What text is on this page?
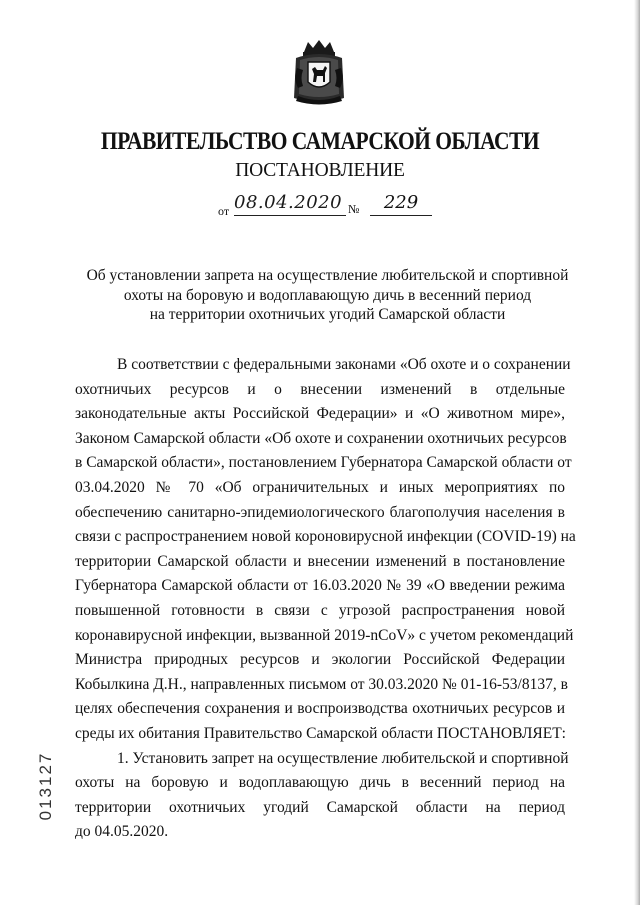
ПРАВИТЕЛЬСТВО САМАРСКОЙ ОБЛАСТИ
ПОСТАНОВЛЕНИЕ
от 08.04.2020 №	229
Об установлении запрета на осуществление любительской и спортивной
охоты на боровую и водоплавающую дичь в весенний период
на территории охотничьих угодий Самарской области
В соответствии с федеральными законами «Об охоте и о сохранении
охотничьих ресурсов и о внесении изменений в отдельные
законодательные акты Российской Федерации» и «О животном мире»,
Законом Самарской области «Об охоте и сохранении охотничьих ресурсов
в Самарской области», постановлением Губернатора Самарской области от
03.04.2020 № 70 «Об ограничительных и иных мероприятиях по
обеспечению санитарно-эпидемиологического благополучия населения в
связи с распространением новой короновирусной инфекции (COVID-19) на
территории Самарской области и внесении изменений в постановление
Губернатора Самарской области от 16.03.2020 № 39 «О введении режима
повышенной готовности в связи с угрозой распространения новой
коронавирусной инфекции, вызванной 2019-nCoV» с учетом рекомендаций
Министра природных ресурсов и экологии Российской Федерации
Кобылкина Д.Н., направленных письмом от 30.03.2020 № 01-16-53/8137, в
целях обеспечения сохранения и воспроизводства охотничьих ресурсов и
среды их обитания Правительство Самарской области ПОСТАНОВЛЯЕТ:
1. Установить запрет на осуществление любительской и спортивной
охоты на боровую и водоплавающую дичь в весенний период на
территории охотничьих угодий Самарской области на период
до 04.05.2020.
013127
